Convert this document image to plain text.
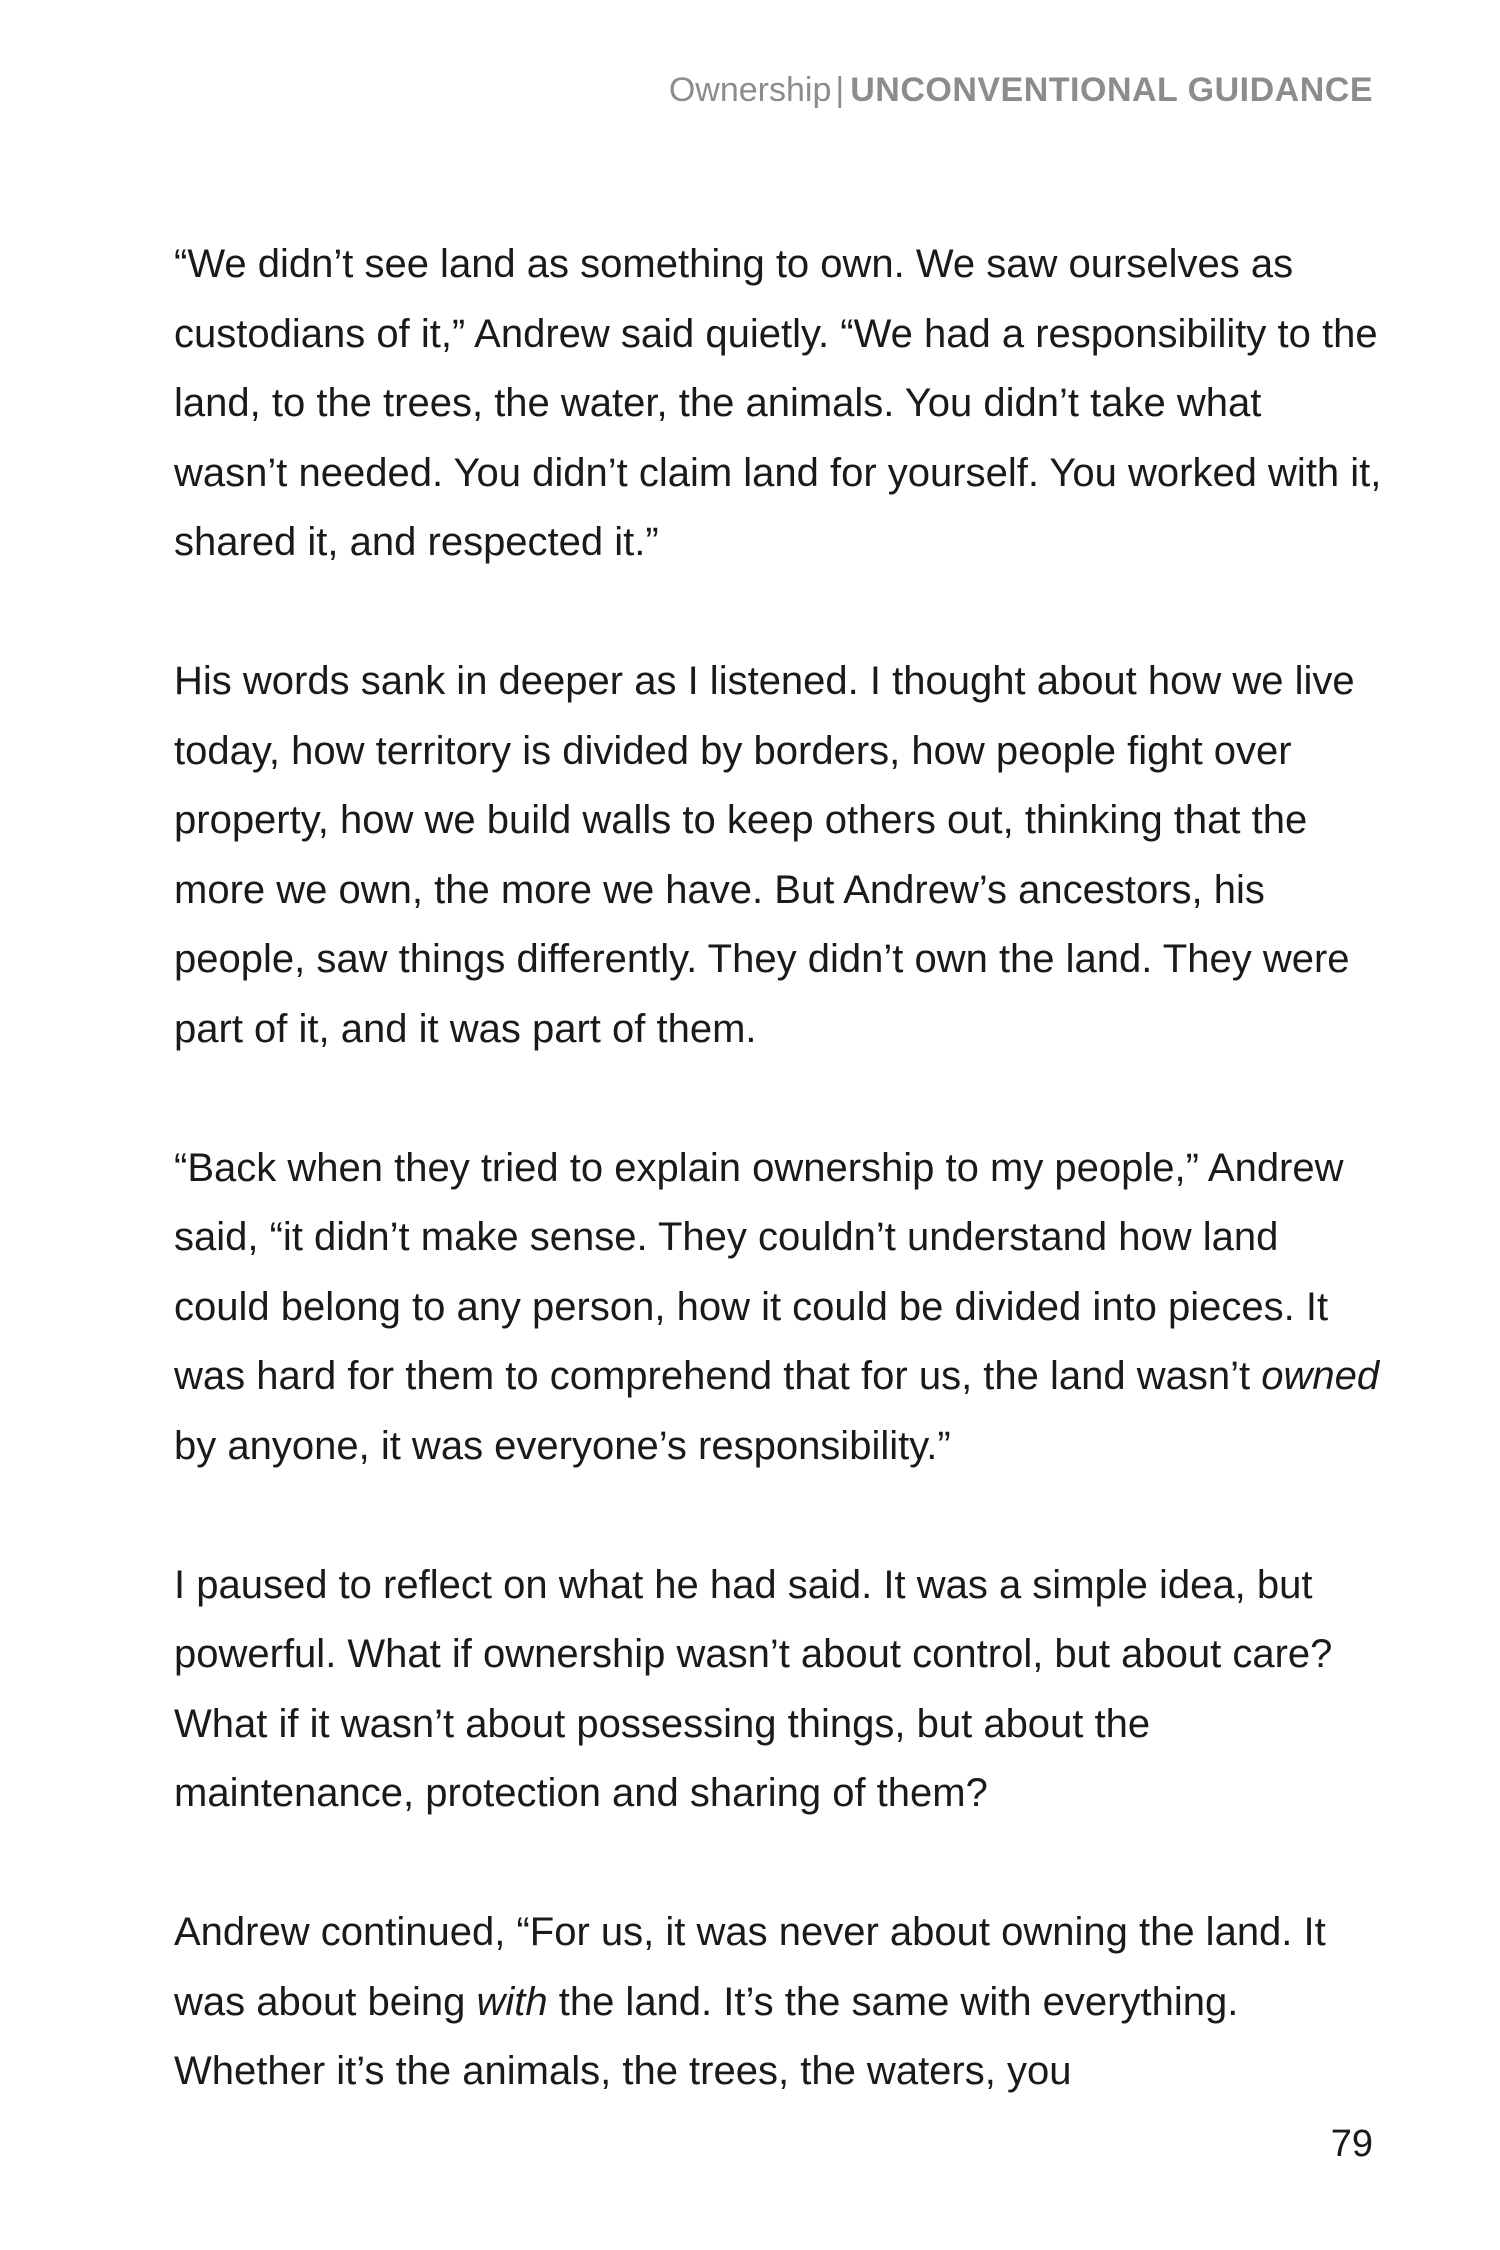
Ownership | UNCONVENTIONAL GUIDANCE

“We didn’t see land as something to own. We saw ourselves as custodians of it,” Andrew said quietly. “We had a responsibility to the land, to the trees, the water, the animals. You didn’t take what wasn’t needed. You didn’t claim land for yourself. You worked with it, shared it, and respected it.”

His words sank in deeper as I listened. I thought about how we live today, how territory is divided by borders, how people fight over property, how we build walls to keep others out, thinking that the more we own, the more we have. But Andrew’s ancestors, his people, saw things differently. They didn’t own the land. They were part of it, and it was part of them.

“Back when they tried to explain ownership to my people,” Andrew said, “it didn’t make sense. They couldn’t understand how land could belong to any person, how it could be divided into pieces. It was hard for them to comprehend that for us, the land wasn’t owned by anyone, it was everyone’s responsibility.”

I paused to reflect on what he had said. It was a simple idea, but powerful. What if ownership wasn’t about control, but about care? What if it wasn’t about possessing things, but about the maintenance, protection and sharing of them?

Andrew continued, “For us, it was never about owning the land. It was about being with the land. It’s the same with everything. Whether it’s the animals, the trees, the waters, you

79
